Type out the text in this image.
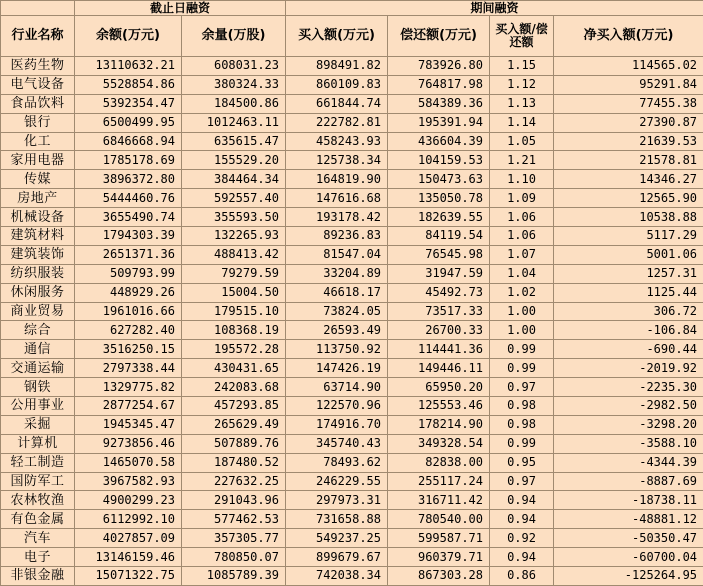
	截止日融资		期间融资			
行业名称	余额(万元)	余量(万股)	买入额(万元)	偿还额(万元)	买入额/偿还额	净买入额(万元)
医药生物	13110632.21	608031.23	898491.82	783926.80	1.15	114565.02
电气设备	5528854.86	380324.33	860109.83	764817.98	1.12	95291.84
食品饮料	5392354.47	184500.86	661844.74	584389.36	1.13	77455.38
银行	6500499.95	1012463.11	222782.81	195391.94	1.14	27390.87
化工	6846668.94	635615.47	458243.93	436604.39	1.05	21639.53
家用电器	1785178.69	155529.20	125738.34	104159.53	1.21	21578.81
传媒	3896372.80	384464.34	164819.90	150473.63	1.10	14346.27
房地产	5444460.76	592557.40	147616.68	135050.78	1.09	12565.90
机械设备	3655490.74	355593.50	193178.42	182639.55	1.06	10538.88
建筑材料	1794303.39	132265.93	89236.83	84119.54	1.06	5117.29
建筑装饰	2651371.36	488413.42	81547.04	76545.98	1.07	5001.06
纺织服装	509793.99	79279.59	33204.89	31947.59	1.04	1257.31
休闲服务	448929.26	15004.50	46618.17	45492.73	1.02	1125.44
商业贸易	1961016.66	179515.10	73824.05	73517.33	1.00	306.72
综合	627282.40	108368.19	26593.49	26700.33	1.00	-106.84
通信	3516250.15	195572.28	113750.92	114441.36	0.99	-690.44
交通运输	2797338.44	430431.65	147426.19	149446.11	0.99	-2019.92
钢铁	1329775.82	242083.68	63714.90	65950.20	0.97	-2235.30
公用事业	2877254.67	457293.85	122570.96	125553.46	0.98	-2982.50
采掘	1945345.47	265629.49	174916.70	178214.90	0.98	-3298.20
计算机	9273856.46	507889.76	345740.43	349328.54	0.99	-3588.10
轻工制造	1465070.58	187480.52	78493.62	82838.00	0.95	-4344.39
国防军工	3967582.93	227632.25	246229.55	255117.24	0.97	-8887.69
农林牧渔	4900299.23	291043.96	297973.31	316711.42	0.94	-18738.11
有色金属	6112992.10	577462.53	731658.88	780540.00	0.94	-48881.12
汽车	4027857.09	357305.77	549237.25	599587.71	0.92	-50350.47
电子	13146159.46	780850.07	899679.67	960379.71	0.94	-60700.04
非银金融	15071322.75	1085789.39	742038.34	867303.28	0.86	-125264.95
